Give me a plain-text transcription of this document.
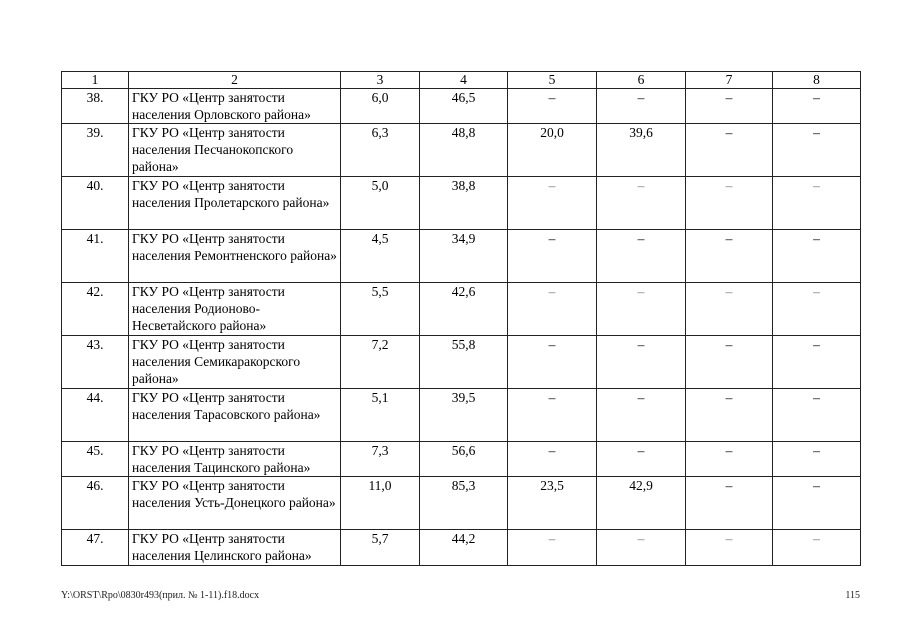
1	2	3	4	5	6	7	8
38.	ГКУ РО «Центр занятости населения Орловского района»	6,0	46,5	–	–	–	–
39.	ГКУ РО «Центр занятости населения Песчанокопского района»	6,3	48,8	20,0	39,6	–	–
40.	ГКУ РО «Центр занятости населения Пролетарского района»	5,0	38,8	–	–	–	–
41.	ГКУ РО «Центр занятости населения Ремонтненского района»	4,5	34,9	–	–	–	–
42.	ГКУ РО «Центр занятости населения Родионово-Несветайского района»	5,5	42,6	–	–	–	–
43.	ГКУ РО «Центр занятости населения Семикаракорского района»	7,2	55,8	–	–	–	–
44.	ГКУ РО «Центр занятости населения Тарасовского района»	5,1	39,5	–	–	–	–
45.	ГКУ РО «Центр занятости населения Тацинского района»	7,3	56,6	–	–	–	–
46.	ГКУ РО «Центр занятости населения Усть-Донецкого района»	11,0	85,3	23,5	42,9	–	–
47.	ГКУ РО «Центр занятости населения Целинского района»	5,7	44,2	–	–	–	–
Y:\ORST\Rpo\0830r493(прил. № 1-11).f18.docx	115
